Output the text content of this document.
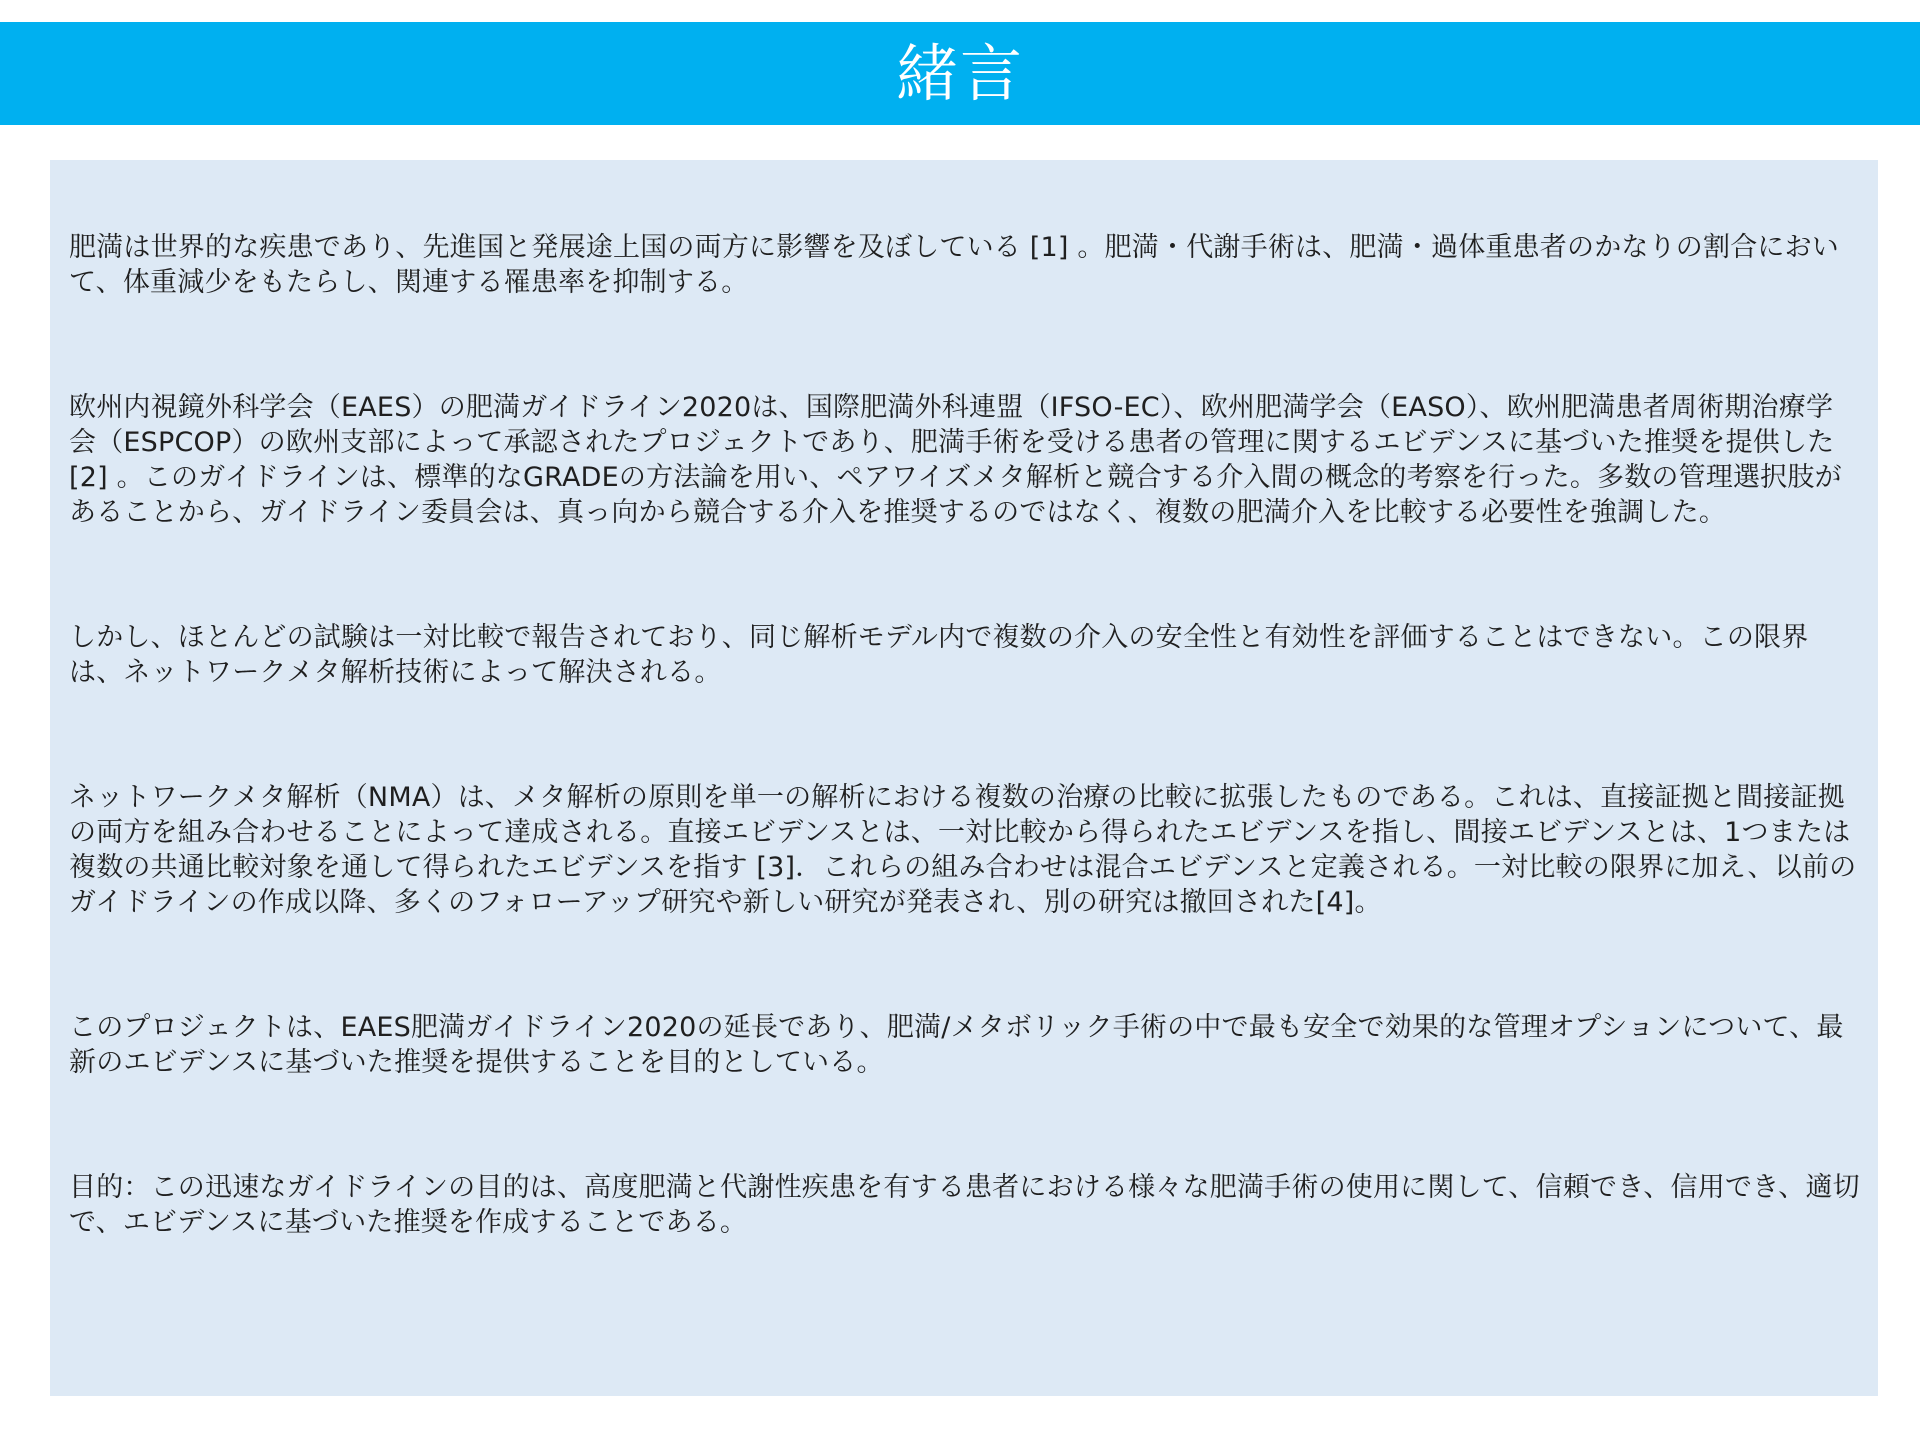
緒言

肥満は世界的な疾患であり、先進国と発展途上国の両方に影響を及ぼしている [1] 。肥満・代謝手術は、肥満・過体重患者のかなりの割合において、体重減少をもたらし、関連する罹患率を抑制する。

欧州内視鏡外科学会（EAES）の肥満ガイドライン2020は、国際肥満外科連盟（IFSO-EC）、欧州肥満学会（EASO）、欧州肥満患者周術期治療学会（ESPCOP）の欧州支部によって承認されたプロジェクトであり、肥満手術を受ける患者の管理に関するエビデンスに基づいた推奨を提供した [2] 。このガイドラインは、標準的なGRADEの方法論を用い、ペアワイズメタ解析と競合する介入間の概念的考察を行った。多数の管理選択肢があることから、ガイドライン委員会は、真っ向から競合する介入を推奨するのではなく、複数の肥満介入を比較する必要性を強調した。

しかし、ほとんどの試験は一対比較で報告されており、同じ解析モデル内で複数の介入の安全性と有効性を評価することはできない。この限界は、ネットワークメタ解析技術によって解決される。

ネットワークメタ解析（NMA）は、メタ解析の原則を単一の解析における複数の治療の比較に拡張したものである。これは、直接証拠と間接証拠の両方を組み合わせることによって達成される。直接エビデンスとは、一対比較から得られたエビデンスを指し、間接エビデンスとは、1つまたは複数の共通比較対象を通して得られたエビデンスを指す [3]．これらの組み合わせは混合エビデンスと定義される。一対比較の限界に加え、以前のガイドラインの作成以降、多くのフォローアップ研究や新しい研究が発表され、別の研究は撤回された[4]。

このプロジェクトは、EAES肥満ガイドライン2020の延長であり、肥満/メタボリック手術の中で最も安全で効果的な管理オプションについて、最新のエビデンスに基づいた推奨を提供することを目的としている。

目的：この迅速なガイドラインの目的は、高度肥満と代謝性疾患を有する患者における様々な肥満手術の使用に関して、信頼でき、信用でき、適切で、エビデンスに基づいた推奨を作成することである。
